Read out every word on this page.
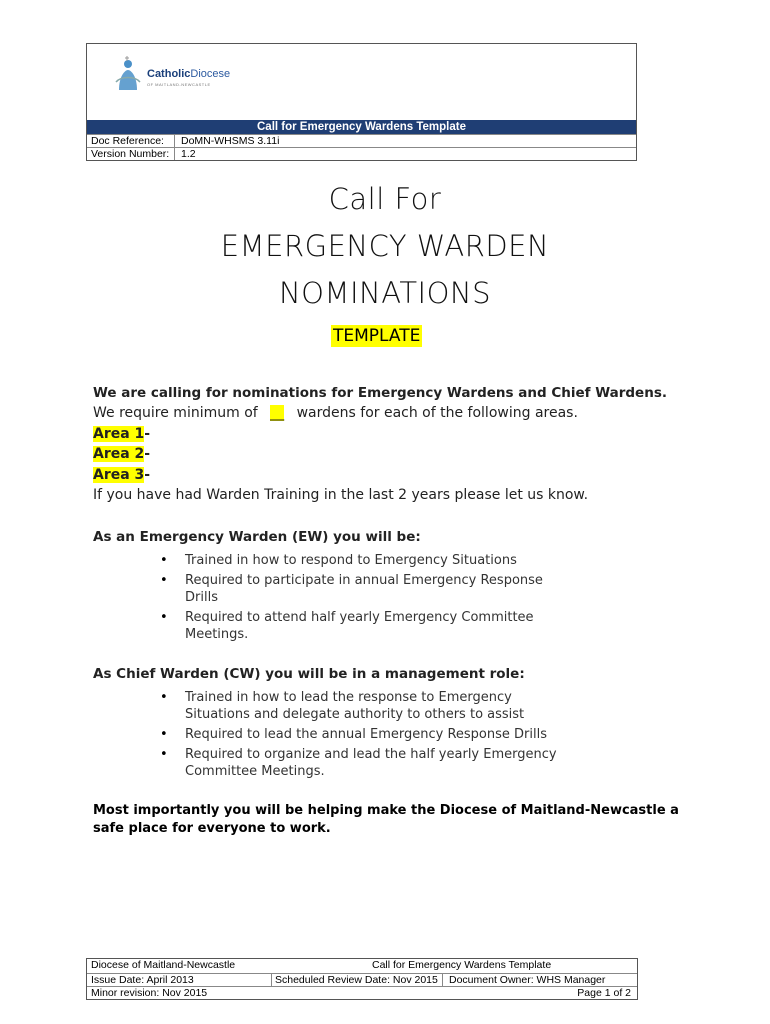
CatholicDiocese
OF MAITLAND-NEWCASTLE
Call for Emergency Wardens Template
Doc Reference: DoMN-WHSMS 3.11i
Version Number: 1.2
Call For
EMERGENCY WARDEN
NOMINATIONS
TEMPLATE
We are calling for nominations for Emergency Wardens and Chief Wardens.
We require minimum of __ wardens for each of the following areas.
Area 1-
Area 2-
Area 3-
If you have had Warden Training in the last 2 years please let us know.
As an Emergency Warden (EW) you will be:
• Trained in how to respond to Emergency Situations
• Required to participate in annual Emergency Response Drills
• Required to attend half yearly Emergency Committee Meetings.
As Chief Warden (CW) you will be in a management role:
• Trained in how to lead the response to Emergency Situations and delegate authority to others to assist
• Required to lead the annual Emergency Response Drills
• Required to organize and lead the half yearly Emergency Committee Meetings.
Most importantly you will be helping make the Diocese of Maitland-Newcastle a safe place for everyone to work.
Diocese of Maitland-Newcastle	Call for Emergency Wardens Template
Issue Date: April 2013	Scheduled Review Date: Nov 2015 Document Owner: WHS Manager
Minor revision: Nov 2015	Page 1 of 2
